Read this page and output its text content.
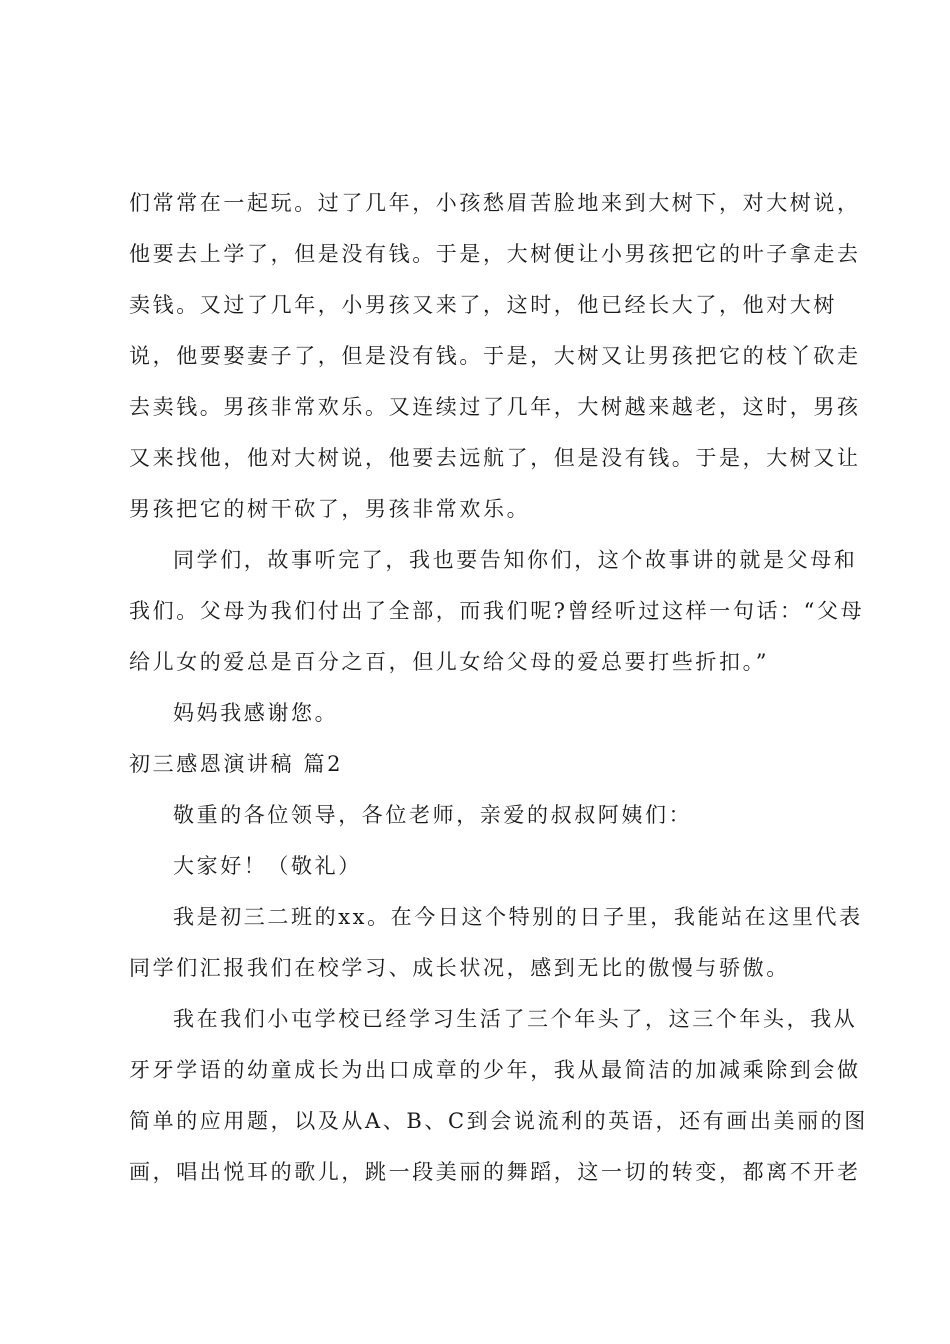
们常常在一起玩。过了几年，小孩愁眉苦脸地来到大树下，对大树说，
他要去上学了，但是没有钱。于是，大树便让小男孩把它的叶子拿走去
卖钱。又过了几年，小男孩又来了，这时，他已经长大了，他对大树
说，他要娶妻子了，但是没有钱。于是，大树又让男孩把它的枝丫砍走
去卖钱。男孩非常欢乐。又连续过了几年，大树越来越老，这时，男孩
又来找他，他对大树说，他要去远航了，但是没有钱。于是，大树又让
男孩把它的树干砍了，男孩非常欢乐。
同学们，故事听完了，我也要告知你们，这个故事讲的就是父母和
我们。父母为我们付出了全部，而我们呢?曾经听过这样一句话：“父母
给儿女的爱总是百分之百，但儿女给父母的爱总要打些折扣。”
妈妈我感谢您。
初三感恩演讲稿 篇2
敬重的各位领导，各位老师，亲爱的叔叔阿姨们：
大家好！（敬礼）
我是初三二班的xx。在今日这个特别的日子里，我能站在这里代表
同学们汇报我们在校学习、成长状况，感到无比的傲慢与骄傲。
我在我们小屯学校已经学习生活了三个年头了，这三个年头，我从
牙牙学语的幼童成长为出口成章的少年，我从最简洁的加减乘除到会做
简单的应用题，以及从A、B、C到会说流利的英语，还有画出美丽的图
画，唱出悦耳的歌儿，跳一段美丽的舞蹈，这一切的转变，都离不开老
